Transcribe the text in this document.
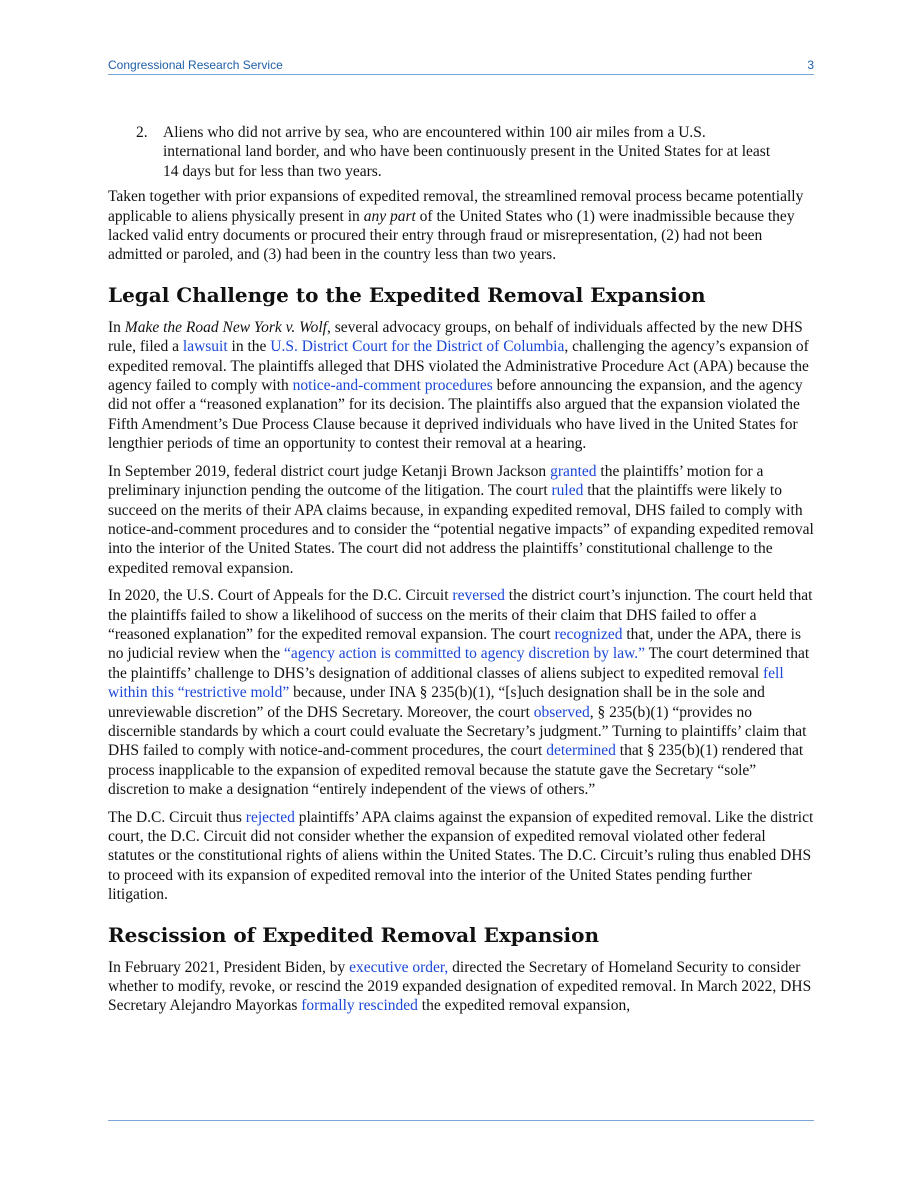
Congressional Research Service	3
2. Aliens who did not arrive by sea, who are encountered within 100 air miles from a U.S. international land border, and who have been continuously present in the United States for at least 14 days but for less than two years.

Taken together with prior expansions of expedited removal, the streamlined removal process became potentially applicable to aliens physically present in any part of the United States who (1) were inadmissible because they lacked valid entry documents or procured their entry through fraud or misrepresentation, (2) had not been admitted or paroled, and (3) had been in the country less than two years.

Legal Challenge to the Expedited Removal Expansion

In Make the Road New York v. Wolf, several advocacy groups, on behalf of individuals affected by the new DHS rule, filed a lawsuit in the U.S. District Court for the District of Columbia, challenging the agency’s expansion of expedited removal. The plaintiffs alleged that DHS violated the Administrative Procedure Act (APA) because the agency failed to comply with notice-and-comment procedures before announcing the expansion, and the agency did not offer a “reasoned explanation” for its decision. The plaintiffs also argued that the expansion violated the Fifth Amendment’s Due Process Clause because it deprived individuals who have lived in the United States for lengthier periods of time an opportunity to contest their removal at a hearing.

In September 2019, federal district court judge Ketanji Brown Jackson granted the plaintiffs’ motion for a preliminary injunction pending the outcome of the litigation. The court ruled that the plaintiffs were likely to succeed on the merits of their APA claims because, in expanding expedited removal, DHS failed to comply with notice-and-comment procedures and to consider the “potential negative impacts” of expanding expedited removal into the interior of the United States. The court did not address the plaintiffs’ constitutional challenge to the expedited removal expansion.

In 2020, the U.S. Court of Appeals for the D.C. Circuit reversed the district court’s injunction. The court held that the plaintiffs failed to show a likelihood of success on the merits of their claim that DHS failed to offer a “reasoned explanation” for the expedited removal expansion. The court recognized that, under the APA, there is no judicial review when the “agency action is committed to agency discretion by law.” The court determined that the plaintiffs’ challenge to DHS’s designation of additional classes of aliens subject to expedited removal fell within this “restrictive mold” because, under INA § 235(b)(1), “[s]uch designation shall be in the sole and unreviewable discretion” of the DHS Secretary. Moreover, the court observed, § 235(b)(1) “provides no discernible standards by which a court could evaluate the Secretary’s judgment.” Turning to plaintiffs’ claim that DHS failed to comply with notice-and-comment procedures, the court determined that § 235(b)(1) rendered that process inapplicable to the expansion of expedited removal because the statute gave the Secretary “sole” discretion to make a designation “entirely independent of the views of others.”

The D.C. Circuit thus rejected plaintiffs’ APA claims against the expansion of expedited removal. Like the district court, the D.C. Circuit did not consider whether the expansion of expedited removal violated other federal statutes or the constitutional rights of aliens within the United States. The D.C. Circuit’s ruling thus enabled DHS to proceed with its expansion of expedited removal into the interior of the United States pending further litigation.

Rescission of Expedited Removal Expansion

In February 2021, President Biden, by executive order, directed the Secretary of Homeland Security to consider whether to modify, revoke, or rescind the 2019 expanded designation of expedited removal. In March 2022, DHS Secretary Alejandro Mayorkas formally rescinded the expedited removal expansion,
